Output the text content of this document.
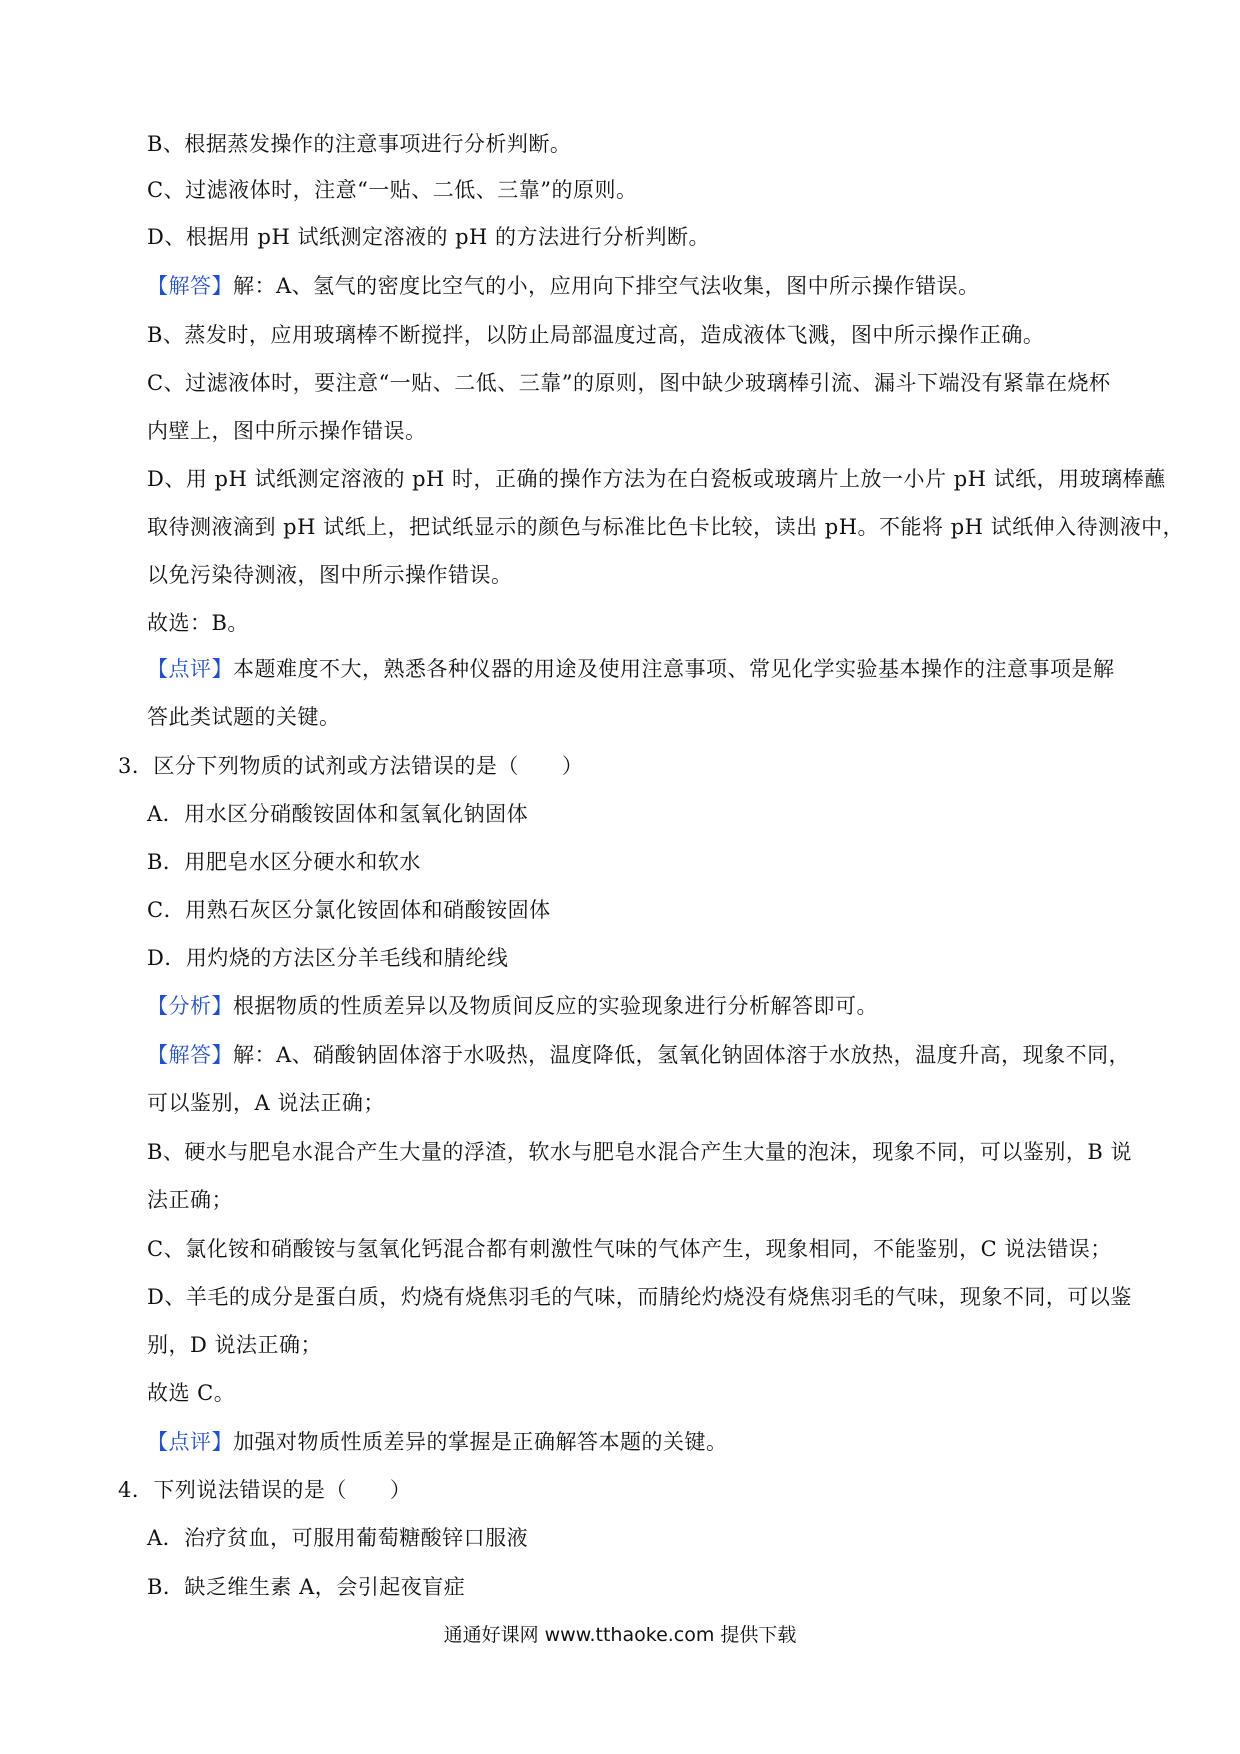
B、根据蒸发操作的注意事项进行分析判断。
C、过滤液体时，注意“一贴、二低、三靠”的原则。
D、根据用 pH 试纸测定溶液的 pH 的方法进行分析判断。
【解答】解：A、氢气的密度比空气的小，应用向下排空气法收集，图中所示操作错误。
B、蒸发时，应用玻璃棒不断搅拌，以防止局部温度过高，造成液体飞溅，图中所示操作正确。
C、过滤液体时，要注意“一贴、二低、三靠”的原则，图中缺少玻璃棒引流、漏斗下端没有紧靠在烧杯
内壁上，图中所示操作错误。
D、用 pH 试纸测定溶液的 pH 时，正确的操作方法为在白瓷板或玻璃片上放一小片 pH 试纸，用玻璃棒蘸
取待测液滴到 pH 试纸上，把试纸显示的颜色与标准比色卡比较，读出 pH。不能将 pH 试纸伸入待测液中，
以免污染待测液，图中所示操作错误。
故选：B。
【点评】本题难度不大，熟悉各种仪器的用途及使用注意事项、常见化学实验基本操作的注意事项是解
答此类试题的关键。
3．区分下列物质的试剂或方法错误的是（　　）
A．用水区分硝酸铵固体和氢氧化钠固体
B．用肥皂水区分硬水和软水
C．用熟石灰区分氯化铵固体和硝酸铵固体
D．用灼烧的方法区分羊毛线和腈纶线
【分析】根据物质的性质差异以及物质间反应的实验现象进行分析解答即可。
【解答】解：A、硝酸钠固体溶于水吸热，温度降低，氢氧化钠固体溶于水放热，温度升高，现象不同，
可以鉴别，A 说法正确；
B、硬水与肥皂水混合产生大量的浮渣，软水与肥皂水混合产生大量的泡沫，现象不同，可以鉴别，B 说
法正确；
C、氯化铵和硝酸铵与氢氧化钙混合都有刺激性气味的气体产生，现象相同，不能鉴别，C 说法错误；
D、羊毛的成分是蛋白质，灼烧有烧焦羽毛的气味，而腈纶灼烧没有烧焦羽毛的气味，现象不同，可以鉴
别，D 说法正确；
故选 C。
【点评】加强对物质性质差异的掌握是正确解答本题的关键。
4．下列说法错误的是（　　）
A．治疗贫血，可服用葡萄糖酸锌口服液
B．缺乏维生素 A，会引起夜盲症
通通好课网 www.tthaoke.com 提供下载
